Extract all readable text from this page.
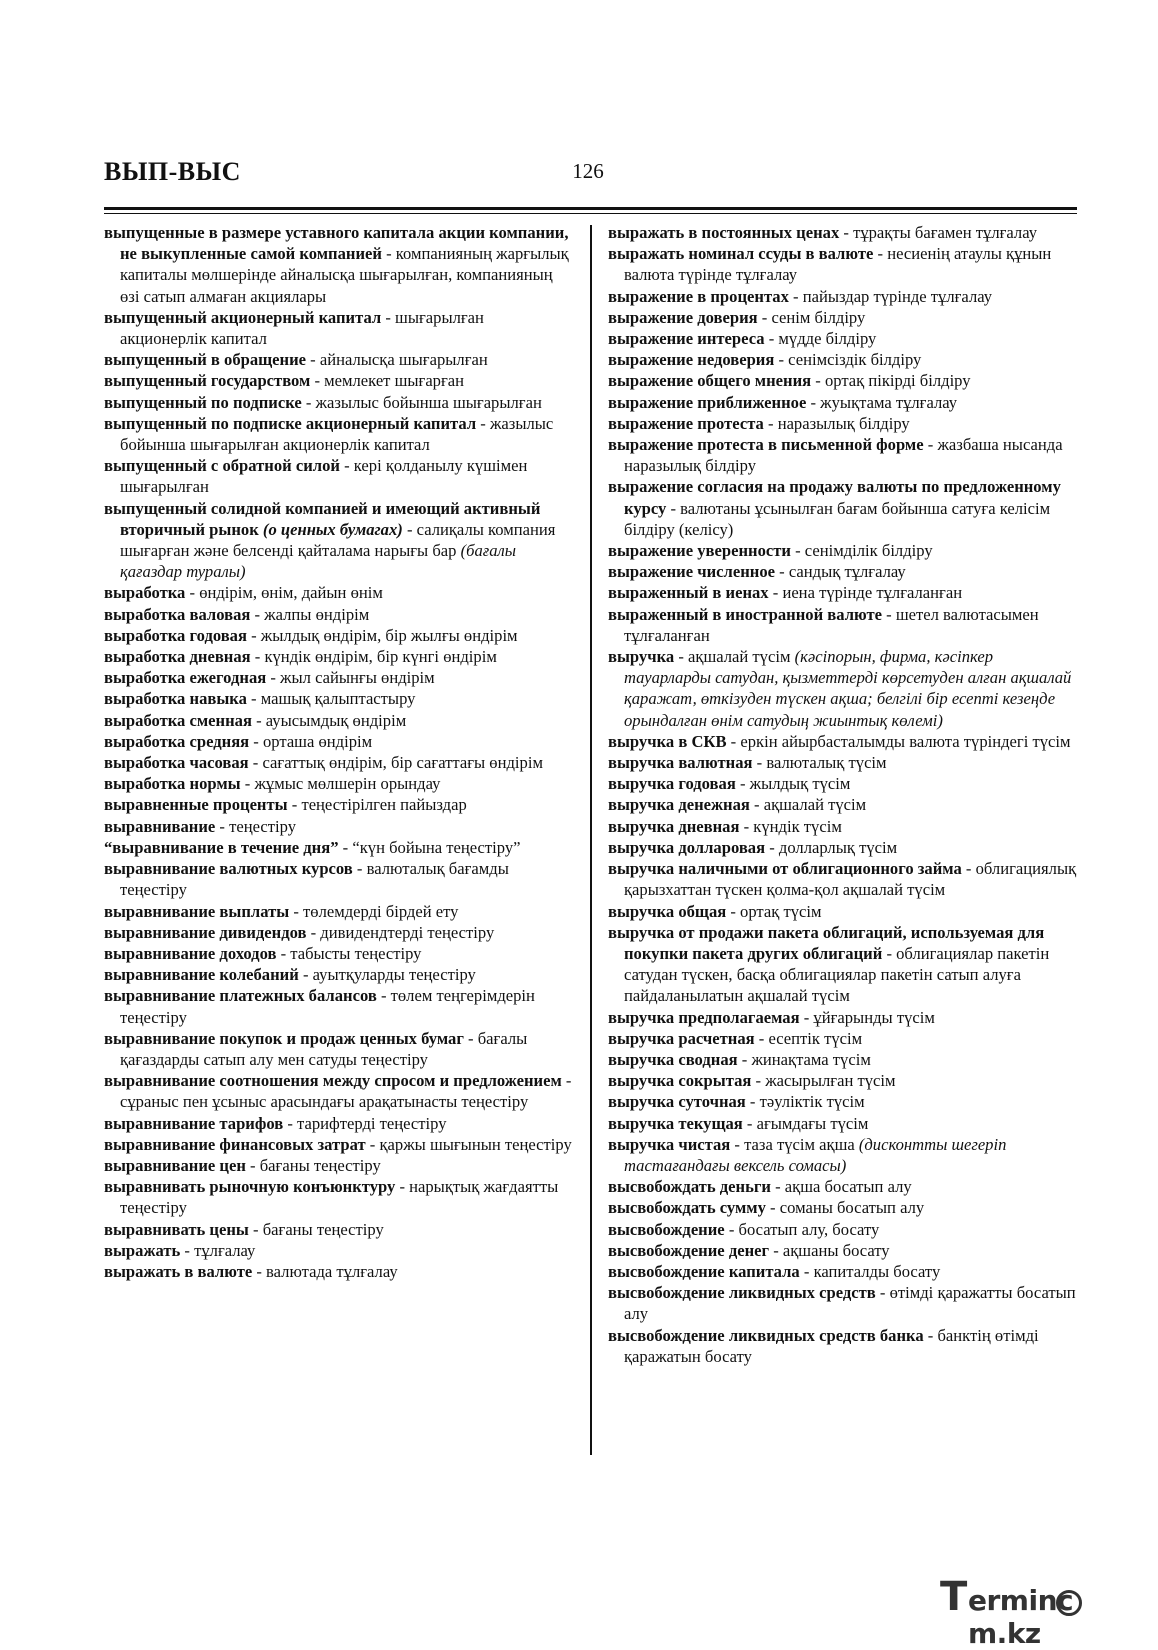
ВЫП-ВЫС	126
выпущенные в размере уставного капитала акции компании, не выкупленные самой компанией - компанияның жарғылық капиталы мөлшерінде айналысқа шығарылған, компанияның өзі сатып алмаған акциялары
выпущенный акционерный капитал - шығарылған акционерлік капитал
выпущенный в обращение - айналысқа шығарылған
выпущенный государством - мемлекет шығарған
выпущенный по подписке - жазылыс бойынша шығарылған
выпущенный по подписке акционерный капитал - жазылыс бойынша шығарылған акционерлік капитал
выпущенный с обратной силой - кері қолданылу күшімен шығарылған
выпущенный солидной компанией и имеющий активный вторичный рынок (о ценных бумагах) - салиқалы компания шығарған және белсенді қайталама нарығы бар (бағалы қағаздар туралы)
выработка - өндірім, өнім, дайын өнім
выработка валовая - жалпы өндірім
выработка годовая - жылдық өндірім, бір жылғы өндірім
выработка дневная - күндік өндірім, бір күнгі өндірім
выработка ежегодная - жыл сайынғы өндірім
выработка навыка - машық қалыптастыру
выработка сменная - ауысымдық өндірім
выработка средняя - орташа өндірім
выработка часовая - сағаттық өндірім, бір сағаттағы өндірім
выработка нормы - жұмыс мөлшерін орындау
выравненные проценты - теңестірілген пайыздар
выравнивание - теңестіру
“выравнивание в течение дня” - “күн бойына теңестіру”
выравнивание валютных курсов - валюталық бағамды теңестіру
выравнивание выплаты - төлемдерді бірдей ету
выравнивание дивидендов - дивидендтерді теңестіру
выравнивание доходов - табысты теңестіру
выравнивание колебаний - ауытқуларды теңестіру
выравнивание платежных балансов - төлем теңгерімдерін теңестіру
выравнивание покупок и продаж ценных бумаг - бағалы қағаздарды сатып алу мен сатуды теңестіру
выравнивание соотношения между спросом и предложением - сұраныс пен ұсыныс арасындағы арақатынасты теңестіру
выравнивание тарифов - тарифтерді теңестіру
выравнивание финансовых затрат - қаржы шығынын теңестіру
выравнивание цен - бағаны теңестіру
выравнивать рыночную конъюнктуру - нарықтық жағдаятты теңестіру
выравнивать цены - бағаны теңестіру
выражать - тұлғалау
выражать в валюте - валютада тұлғалау
выражать в постоянных ценах - тұрақты бағамен тұлғалау
выражать номинал ссуды в валюте - несиенің атаулы құнын валюта түрінде тұлғалау
выражение в процентах - пайыздар түрінде тұлғалау
выражение доверия - сенім білдіру
выражение интереса - мүдде білдіру
выражение недоверия - сенімсіздік білдіру
выражение общего мнения - ортақ пікірді білдіру
выражение приближенное - жуықтама тұлғалау
выражение протеста - наразылық білдіру
выражение протеста в письменной форме - жазбаша нысанда наразылық білдіру
выражение согласия на продажу валюты по предложенному курсу - валютаны ұсынылған бағам бойынша сатуға келісім білдіру (келісу)
выражение уверенности - сенімділік білдіру
выражение численное - сандық тұлғалау
выраженный в иенах - иена түрінде тұлғаланған
выраженный в иностранной валюте - шетел валютасымен тұлғаланған
выручка - ақшалай түсім (кәсіпорын, фирма, кәсіпкер тауарларды сатудан, қызметтерді көрсетуден алған ақшалай қаражат, өткізуден түскен ақша; белгілі бір есепті кезеңде орындалған өнім сатудың жиынтық көлемі)
выручка в СКВ - еркін айырбасталымды валюта түріндегі түсім
выручка валютная - валюталық түсім
выручка годовая - жылдық түсім
выручка денежная - ақшалай түсім
выручка дневная - күндік түсім
выручка долларовая - долларлық түсім
выручка наличными от облигационного займа - облигациялық қарызхаттан түскен қолма-қол ақшалай түсім
выручка общая - ортақ түсім
выручка от продажи пакета облигаций, используемая для покупки пакета других облигаций - облигациялар пакетін сатудан түскен, басқа облигациялар пакетін сатып алуға пайдаланылатын ақшалай түсім
выручка предполагаемая - ұйғарынды түсім
выручка расчетная - есептік түсім
выручка сводная - жинақтама түсім
выручка сокрытая - жасырылған түсім
выручка суточная - тәуліктік түсім
выручка текущая - ағымдағы түсім
выручка чистая - таза түсім ақша (дисконтты шегеріп тастағандағы вексель сомасы)
высвобождать деньги - ақша босатып алу
высвобождать сумму - соманы босатып алу
высвобождение - босатып алу, босату
высвобождение денег - ақшаны босату
высвобождение капитала - капиталды босату
высвобождение ликвидных средств - өтімді қаражатты босатып алу
высвобождение ликвидных средств банка - банктің өтімді қаражатын босату
T erminc m.kz
